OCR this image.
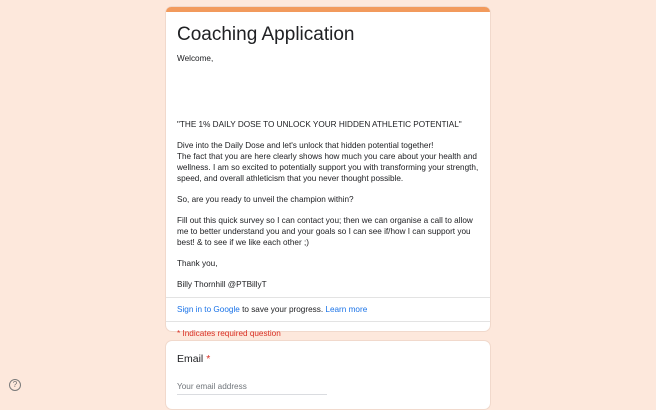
Coaching Application

Welcome,

"THE 1% DAILY DOSE TO UNLOCK YOUR HIDDEN ATHLETIC POTENTIAL"

Dive into the Daily Dose and let's unlock that hidden potential together!
The fact that you are here clearly shows how much you care about your health and wellness. I am so excited to potentially support you with transforming your strength, speed, and overall athleticism that you never thought possible.

So, are you ready to unveil the champion within?

Fill out this quick survey so I can contact you; then we can organise a call to allow me to better understand you and your goals so I can see if/how I can support you best! & to see if we like each other ;)

Thank you,

Billy Thornhill @PTBillyT

Sign in to Google to save your progress. Learn more
* Indicates required question
Email *
Your email address
?
